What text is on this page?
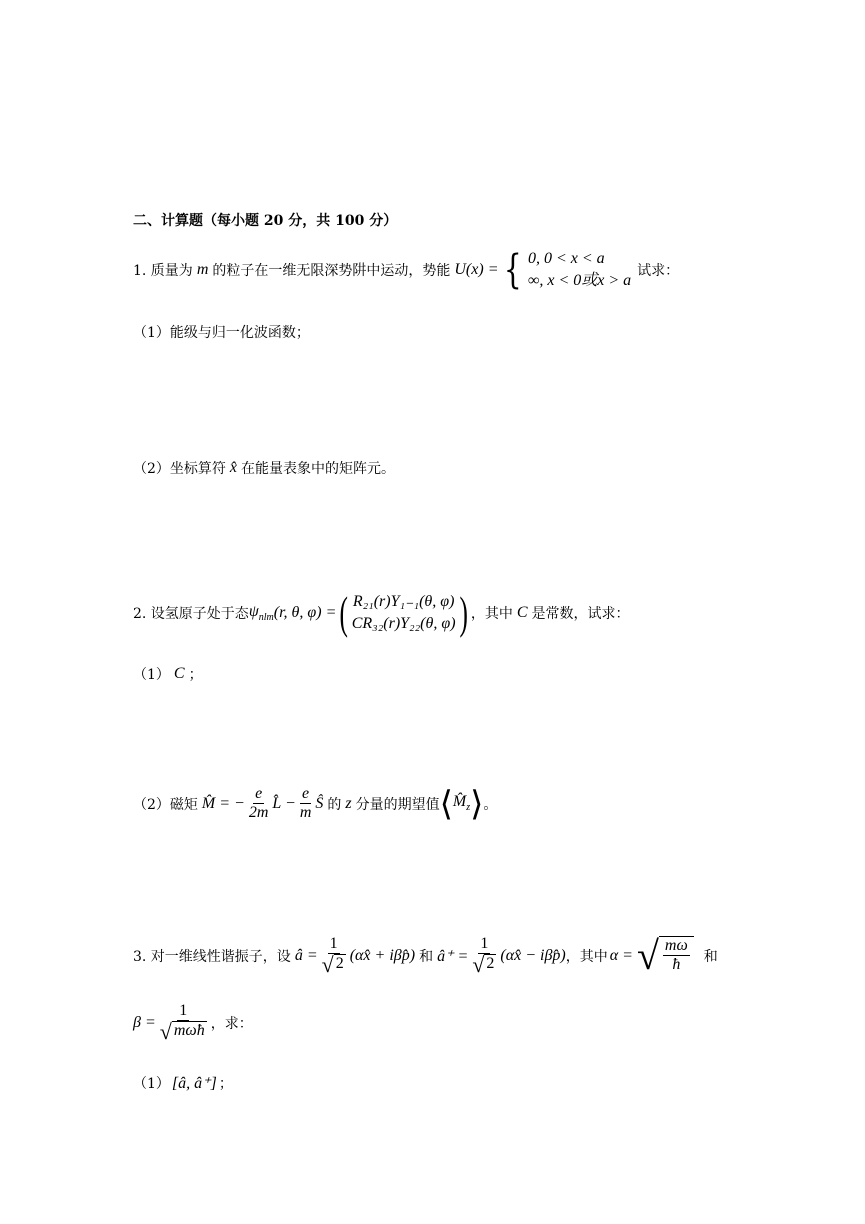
二、计算题（每小题 20 分，共 100 分）
1. 质量为 m 的粒子在一维无限深势阱中运动，势能 U(x) = { 0, 0 < x < a
∞, x < 0或x > a
试求：
（1）能级与归一化波函数；
（2）坐标算符 x̂ 在能量表象中的矩阵元。
2. 设氢原子处于态 $\psi_{nlm}$ (r, θ, φ) = ( R₂₁(r)Y₁₋₁(θ, φ)
CR₃₂(r)Y₂₂(θ, φ) ) ，其中 C 是常数，试求：
（1） C ；
（2）磁矩 M̂ = − $\frac{e}{2m}$ L̂ − $\frac{e}{m}$ Ŝ 的 z 分量的期望值 ⟨ $M̂_z$ ⟩ 。
3. 对一维线性谐振子，设 â = $\frac{1}{√ 2}$ (αx̂ + iβp̂) 和 â⁺ = $\frac{1}{√ 2}$ (αx̂ − iβp̂) ，其中 α = √ $\frac{m\omega}{ħ}$ 和
$\beta = \frac{1}{\text{√ mωħ}}$ ，求：
（1） [â, â⁺] ；
